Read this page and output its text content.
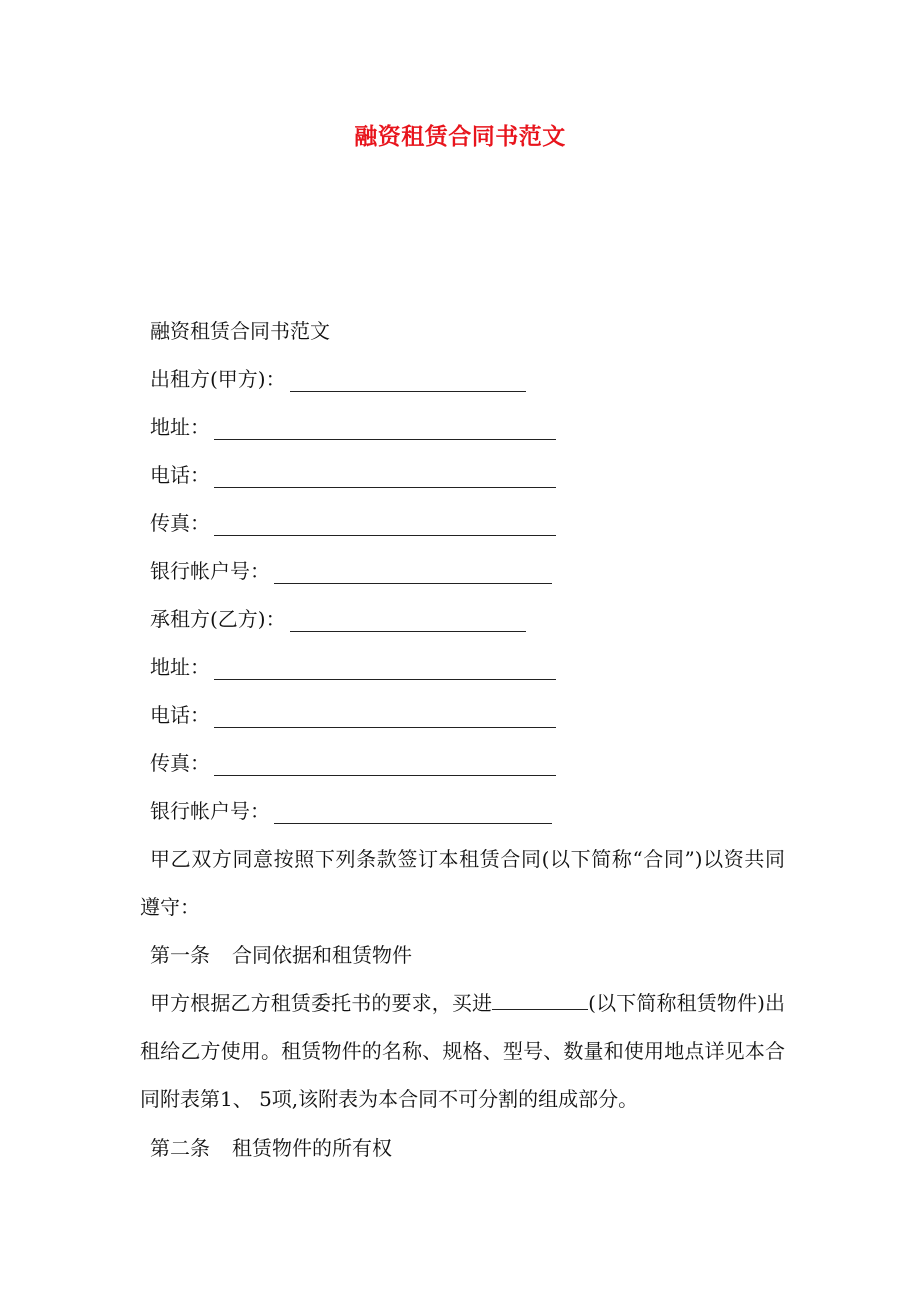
融资租赁合同书范文
融资租赁合同书范文
出租方(甲方)：
地址：
电话：
传真：
银行帐户号：
承租方(乙方)：
地址：
电话：
传真：
银行帐户号：
甲乙双方同意按照下列条款签订本租赁合同(以下简称“合同”)以资共同遵守：
第一条 合同依据和租赁物件
甲方根据乙方租赁委托书的要求，买进	(以下简称租赁物件)出租给乙方使用。租赁物件的名称、规格、型号、数量和使用地点详见本合同附表第1、 5项,该附表为本合同不可分割的组成部分。
第二条 租赁物件的所有权
